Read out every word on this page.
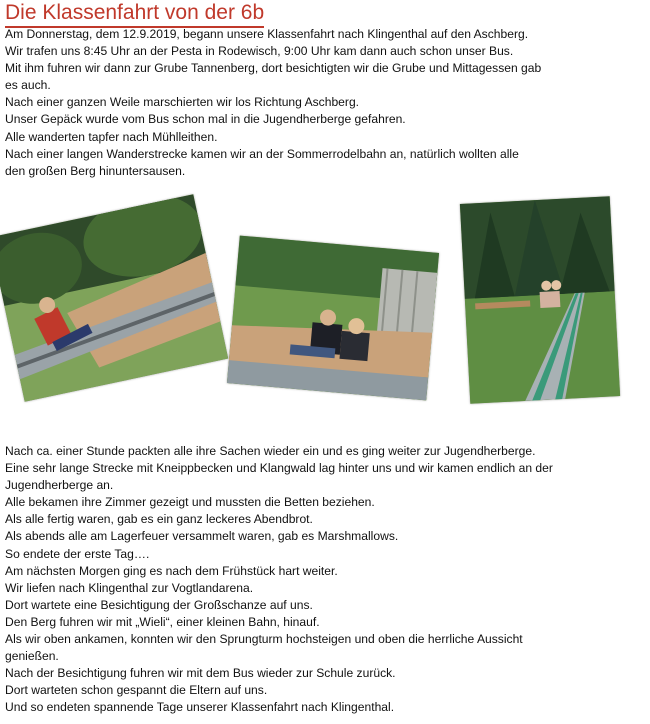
Die Klassenfahrt von der 6b
Am Donnerstag, dem 12.9.2019, begann unsere Klassenfahrt nach Klingenthal auf den Aschberg.
Wir trafen uns 8:45 Uhr an der Pesta in Rodewisch, 9:00 Uhr kam dann auch schon unser Bus.
Mit ihm fuhren wir dann zur Grube Tannenberg, dort besichtigten wir die Grube und Mittagessen gab
es auch.
Nach einer ganzen Weile marschierten wir los Richtung Aschberg.
Unser Gepäck wurde vom Bus schon mal in die Jugendherberge gefahren.
Alle wanderten tapfer nach Mühlleithen.
Nach einer langen Wanderstrecke kamen wir an der Sommerrodelbahn an, natürlich wollten alle
den großen Berg hinuntersausen.
Nach ca. einer Stunde packten alle ihre Sachen wieder ein und es ging weiter zur Jugendherberge.
Eine sehr lange Strecke mit Kneippbecken und Klangwald lag hinter uns und wir kamen endlich an der
Jugendherberge an.
Alle bekamen ihre Zimmer gezeigt und mussten die Betten beziehen.
Als alle fertig waren, gab es ein ganz leckeres Abendbrot.
Als abends alle am Lagerfeuer versammelt waren, gab es Marshmallows.
So endete der erste Tag….
Am nächsten Morgen ging es nach dem Frühstück hart weiter.
Wir liefen nach Klingenthal zur Vogtlandarena.
Dort wartete eine Besichtigung der Großschanze auf uns.
Den Berg fuhren wir mit „Wieli“, einer kleinen Bahn, hinauf.
Als wir oben ankamen, konnten wir den Sprungturm hochsteigen und oben die herrliche Aussicht
genießen.
Nach der Besichtigung fuhren wir mit dem Bus wieder zur Schule zurück.
Dort warteten schon gespannt die Eltern auf uns.
Und so endeten spannende Tage unserer Klassenfahrt nach Klingenthal.
